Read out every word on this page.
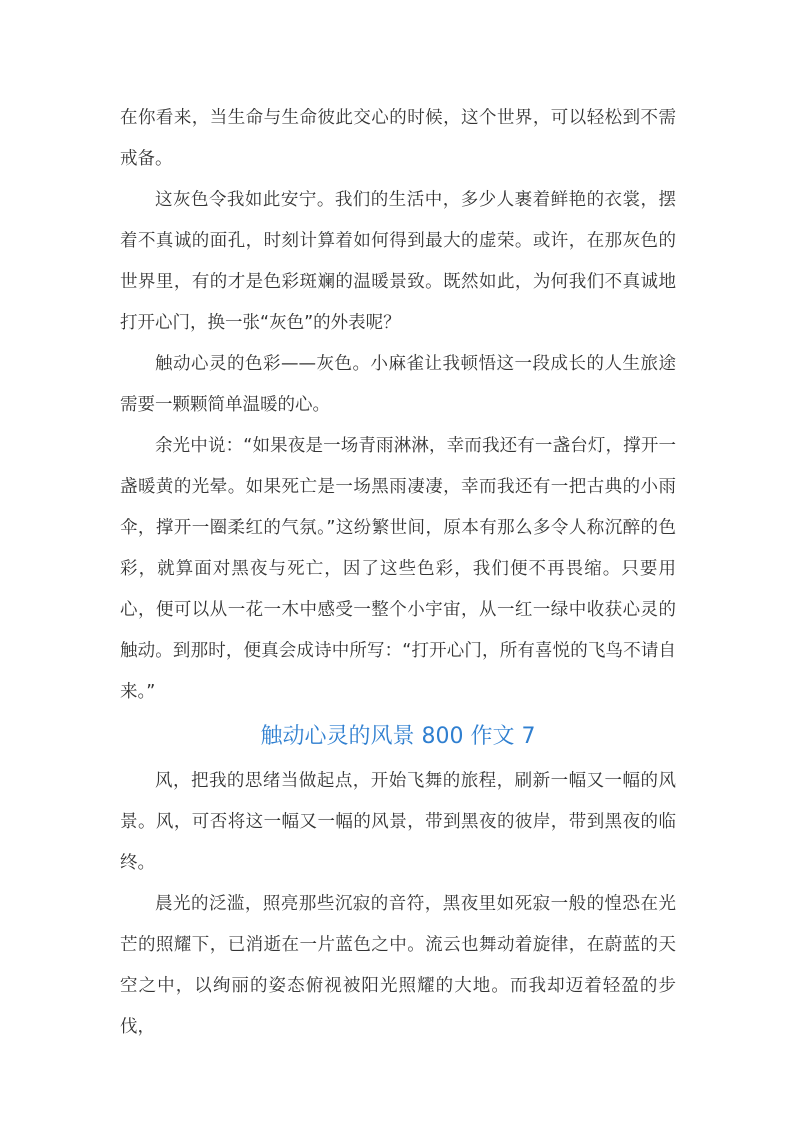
在你看来，当生命与生命彼此交心的时候，这个世界，可以轻松到不需戒备。

这灰色令我如此安宁。我们的生活中，多少人裹着鲜艳的衣裳，摆着不真诚的面孔，时刻计算着如何得到最大的虚荣。或许，在那灰色的世界里，有的才是色彩斑斓的温暖景致。既然如此，为何我们不真诚地打开心门，换一张“灰色”的外表呢？

触动心灵的色彩——灰色。小麻雀让我顿悟这一段成长的人生旅途需要一颗颗简单温暖的心。

余光中说：“如果夜是一场青雨淋淋，幸而我还有一盏台灯，撑开一盏暖黄的光晕。如果死亡是一场黑雨凄凄，幸而我还有一把古典的小雨伞，撑开一圈柔红的气氛。”这纷繁世间，原本有那么多令人称沉醉的色彩，就算面对黑夜与死亡，因了这些色彩，我们便不再畏缩。只要用心，便可以从一花一木中感受一整个小宇宙，从一红一绿中收获心灵的触动。到那时，便真会成诗中所写：“打开心门，所有喜悦的飞鸟不请自来。”

触动心灵的风景 800 作文 7

风，把我的思绪当做起点，开始飞舞的旅程，刷新一幅又一幅的风景。风，可否将这一幅又一幅的风景，带到黑夜的彼岸，带到黑夜的临终。

晨光的泛滥，照亮那些沉寂的音符，黑夜里如死寂一般的惶恐在光芒的照耀下，已消逝在一片蓝色之中。流云也舞动着旋律，在蔚蓝的天空之中，以绚丽的姿态俯视被阳光照耀的大地。而我却迈着轻盈的步伐，
